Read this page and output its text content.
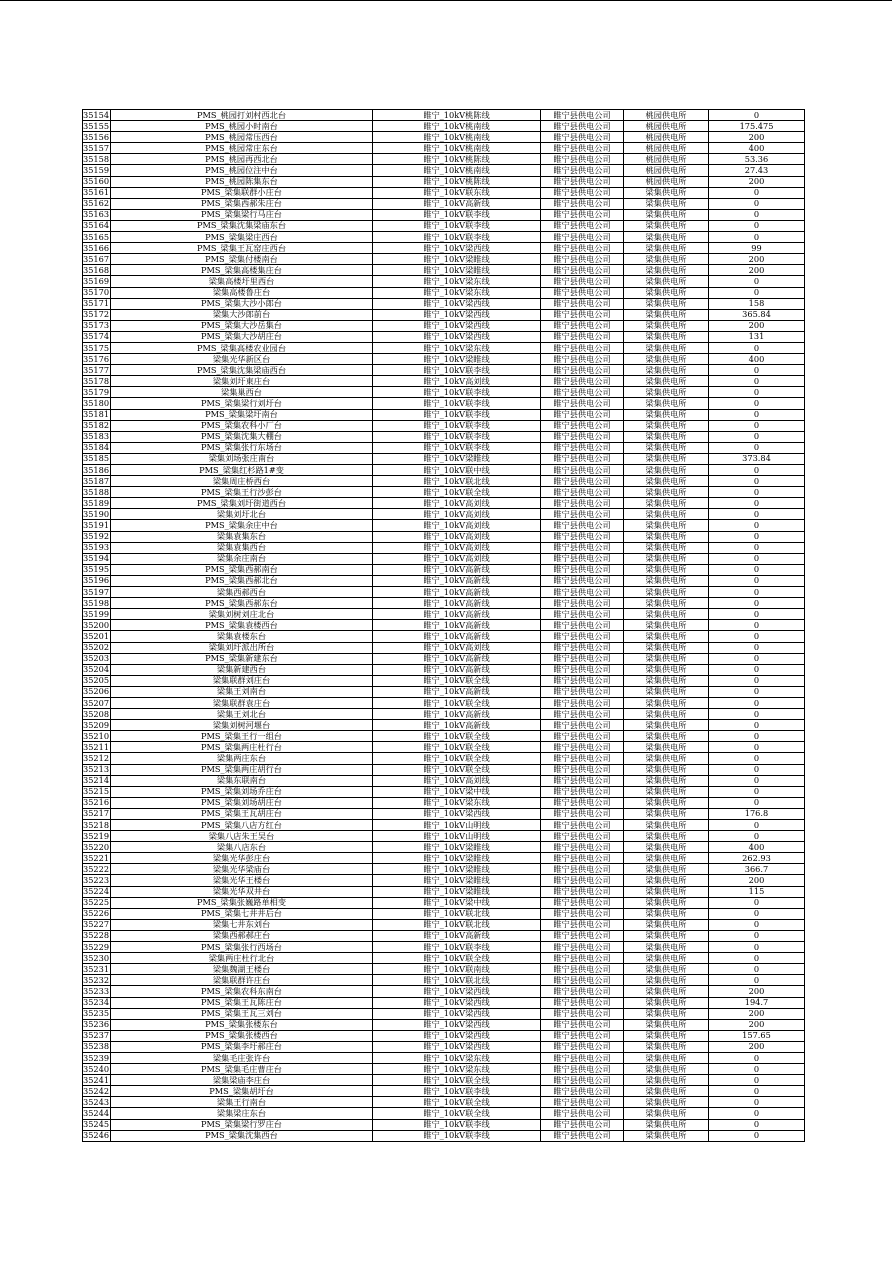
35154	PMS_桃园打刘村西北台	睢宁_10kV桃陈线	睢宁县供电公司	桃园供电所	0
35155	PMS_桃园小时南台	睢宁_10kV桃南线	睢宁县供电公司	桃园供电所	175.475
35156	PMS_桃园常压西台	睢宁_10kV桃南线	睢宁县供电公司	桃园供电所	200
35157	PMS_桃园常庄东台	睢宁_10kV桃南线	睢宁县供电公司	桃园供电所	400
35158	PMS_桃园再西北台	睢宁_10kV桃陈线	睢宁县供电公司	桃园供电所	53.36
35159	PMS_桃园位注中台	睢宁_10kV桃南线	睢宁县供电公司	桃园供电所	27.43
35160	PMS_桃园陈集东台	睢宁_10kV桃陈线	睢宁县供电公司	桃园供电所	200
35161	PMS_梁集联群小庄台	睢宁_10kV联东线	睢宁县供电公司	梁集供电所	0
35162	PMS_梁集西郝朱庄台	睢宁_10kV高新线	睢宁县供电公司	梁集供电所	0
35163	PMS_梁集梁行马庄台	睢宁_10kV联李线	睢宁县供电公司	梁集供电所	0
35164	PMS_梁集沈集梁庙东台	睢宁_10kV联李线	睢宁县供电公司	梁集供电所	0
35165	PMS_梁集梁庄西台	睢宁_10kV联李线	睢宁县供电公司	梁集供电所	0
35166	PMS_梁集王瓦窑庄西台	睢宁_10kV梁西线	睢宁县供电公司	梁集供电所	99
35167	PMS_梁集付楼南台	睢宁_10kV梁睢线	睢宁县供电公司	梁集供电所	200
35168	PMS_梁集高楼集庄台	睢宁_10kV梁睢线	睢宁县供电公司	梁集供电所	200
35169	梁集高楼圩里西台	睢宁_10kV梁东线	睢宁县供电公司	梁集供电所	0
35170	梁集高楼鲁庄台	睢宁_10kV梁东线	睢宁县供电公司	梁集供电所	0
35171	PMS_梁集大沙小郎台	睢宁_10kV梁西线	睢宁县供电公司	梁集供电所	158
35172	梁集大沙郎前台	睢宁_10kV梁西线	睢宁县供电公司	梁集供电所	365.84
35173	PMS_梁集大沙岳集台	睢宁_10kV梁西线	睢宁县供电公司	梁集供电所	200
35174	PMS_梁集大沙胡庄台	睢宁_10kV梁西线	睢宁县供电公司	梁集供电所	131
35175	PMS_梁集高楼农业园台	睢宁_10kV梁东线	睢宁县供电公司	梁集供电所	0
35176	梁集光华新区台	睢宁_10kV梁睢线	睢宁县供电公司	梁集供电所	400
35177	PMS_梁集沈集梁庙西台	睢宁_10kV联李线	睢宁县供电公司	梁集供电所	0
35178	梁集刘圩東庄台	睢宁_10kV高刘线	睢宁县供电公司	梁集供电所	0
35179	梁集巢西台	睢宁_10kV联李线	睢宁县供电公司	梁集供电所	0
35180	PMS_梁集梁行刘圩台	睢宁_10kV联李线	睢宁县供电公司	梁集供电所	0
35181	PMS_梁集梁圩南台	睢宁_10kV联李线	睢宁县供电公司	梁集供电所	0
35182	PMS_梁集农科小厂台	睢宁_10kV联李线	睢宁县供电公司	梁集供电所	0
35183	PMS_梁集沈集大棚台	睢宁_10kV联李线	睢宁县供电公司	梁集供电所	0
35184	PMS_梁集张行东场台	睢宁_10kV联李线	睢宁县供电公司	梁集供电所	0
35185	梁集刘场张庄南台	睢宁_10kV梁睢线	睢宁县供电公司	梁集供电所	373.84
35186	PMS_梁集红杉路1#变	睢宁_10kV联中线	睢宁县供电公司	梁集供电所	0
35187	梁集周庄桥西台	睢宁_10kV联北线	睢宁县供电公司	梁集供电所	0
35188	PMS_梁集王行沙彭台	睢宁_10kV联全线	睢宁县供电公司	梁集供电所	0
35189	PMS_梁集刘圩街道西台	睢宁_10kV高刘线	睢宁县供电公司	梁集供电所	0
35190	梁集刘圩北台	睢宁_10kV高刘线	睢宁县供电公司	梁集供电所	0
35191	PMS_梁集余庄中台	睢宁_10kV高刘线	睢宁县供电公司	梁集供电所	0
35192	梁集袁集东台	睢宁_10kV高刘线	睢宁县供电公司	梁集供电所	0
35193	梁集袁集西台	睢宁_10kV高刘线	睢宁县供电公司	梁集供电所	0
35194	梁集余庄南台	睢宁_10kV高刘线	睢宁县供电公司	梁集供电所	0
35195	PMS_梁集西郝南台	睢宁_10kV高新线	睢宁县供电公司	梁集供电所	0
35196	PMS_梁集西郝北台	睢宁_10kV高新线	睢宁县供电公司	梁集供电所	0
35197	梁集西郝西台	睢宁_10kV高新线	睢宁县供电公司	梁集供电所	0
35198	PMS_梁集西郝东台	睢宁_10kV高新线	睢宁县供电公司	梁集供电所	0
35199	梁集刘树刘庄北台	睢宁_10kV高新线	睢宁县供电公司	梁集供电所	0
35200	PMS_梁集袁楼西台	睢宁_10kV高新线	睢宁县供电公司	梁集供电所	0
35201	梁集袁楼东台	睢宁_10kV高新线	睢宁县供电公司	梁集供电所	0
35202	梁集刘圩派出所台	睢宁_10kV高刘线	睢宁县供电公司	梁集供电所	0
35203	PMS_梁集新建东台	睢宁_10kV高新线	睢宁县供电公司	梁集供电所	0
35204	梁集新建西台	睢宁_10kV高新线	睢宁县供电公司	梁集供电所	0
35205	梁集联群刘庄台	睢宁_10kV联全线	睢宁县供电公司	梁集供电所	0
35206	梁集王刘南台	睢宁_10kV高新线	睢宁县供电公司	梁集供电所	0
35207	梁集联群袁庄台	睢宁_10kV联全线	睢宁县供电公司	梁集供电所	0
35208	梁集王刘北台	睢宁_10kV高新线	睢宁县供电公司	梁集供电所	0
35209	梁集刘树河堰台	睢宁_10kV高新线	睢宁县供电公司	梁集供电所	0
35210	PMS_梁集王行一组台	睢宁_10kV联全线	睢宁县供电公司	梁集供电所	0
35211	PMS_梁集两庄杜行台	睢宁_10kV联全线	睢宁县供电公司	梁集供电所	0
35212	梁集两庄东台	睢宁_10kV联全线	睢宁县供电公司	梁集供电所	0
35213	PMS_梁集两庄胡行台	睢宁_10kV联全线	睢宁县供电公司	梁集供电所	0
35214	梁集东联南台	睢宁_10kV高刘线	睢宁县供电公司	梁集供电所	0
35215	PMS_梁集刘场乔庄台	睢宁_10kV梁中线	睢宁县供电公司	梁集供电所	0
35216	PMS_梁集刘场胡庄台	睢宁_10kV梁东线	睢宁县供电公司	梁集供电所	0
35217	PMS_梁集王瓦胡庄台	睢宁_10kV梁西线	睢宁县供电公司	梁集供电所	176.8
35218	PMS_梁集八店方红台	睢宁_10kV山明线	睢宁县供电公司	梁集供电所	0
35219	梁集八店朱王吴台	睢宁_10kV山明线	睢宁县供电公司	梁集供电所	0
35220	梁集八店东台	睢宁_10kV梁睢线	睢宁县供电公司	梁集供电所	400
35221	梁集光华彭庄台	睢宁_10kV梁睢线	睢宁县供电公司	梁集供电所	262.93
35222	梁集光华梁庙台	睢宁_10kV梁睢线	睢宁县供电公司	梁集供电所	366.7
35223	梁集光华王楼台	睢宁_10kV梁睢线	睢宁县供电公司	梁集供电所	200
35224	梁集光华双井台	睢宁_10kV梁睢线	睢宁县供电公司	梁集供电所	115
35225	PMS_梁集张巍路单相变	睢宁_10kV梁中线	睢宁县供电公司	梁集供电所	0
35226	PMS_梁集七井井后台	睢宁_10kV联北线	睢宁县供电公司	梁集供电所	0
35227	梁集七井东刘台	睢宁_10kV联北线	睢宁县供电公司	梁集供电所	0
35228	梁集西郝郝庄台	睢宁_10kV高新线	睢宁县供电公司	梁集供电所	0
35229	PMS_梁集张行西场台	睢宁_10kV联李线	睢宁县供电公司	梁集供电所	0
35230	梁集两庄杜行北台	睢宁_10kV联全线	睢宁县供电公司	梁集供电所	0
35231	梁集魏湖王楼台	睢宁_10kV联南线	睢宁县供电公司	梁集供电所	0
35232	梁集联群许庄台	睢宁_10kV联北线	睢宁县供电公司	梁集供电所	0
35233	PMS_梁集农科东南台	睢宁_10kV梁西线	睢宁县供电公司	梁集供电所	200
35234	PMS_梁集王瓦陈庄台	睢宁_10kV梁西线	睢宁县供电公司	梁集供电所	194.7
35235	PMS_梁集王瓦三刘台	睢宁_10kV梁西线	睢宁县供电公司	梁集供电所	200
35236	PMS_梁集张楼东台	睢宁_10kV梁西线	睢宁县供电公司	梁集供电所	200
35237	PMS_梁集张楼西台	睢宁_10kV梁西线	睢宁县供电公司	梁集供电所	157.65
35238	PMS_梁集李圩郝庄台	睢宁_10kV梁西线	睢宁县供电公司	梁集供电所	200
35239	梁集毛庄张许台	睢宁_10kV梁东线	睢宁县供电公司	梁集供电所	0
35240	PMS_梁集毛庄曹庄台	睢宁_10kV梁东线	睢宁县供电公司	梁集供电所	0
35241	梁集梁庙李庄台	睢宁_10kV联全线	睢宁县供电公司	梁集供电所	0
35242	PMS_梁集胡圩台	睢宁_10kV联李线	睢宁县供电公司	梁集供电所	0
35243	梁集王行南台	睢宁_10kV联全线	睢宁县供电公司	梁集供电所	0
35244	梁集梁庄东台	睢宁_10kV联全线	睢宁县供电公司	梁集供电所	0
35245	PMS_梁集梁行罗庄台	睢宁_10kV联李线	睢宁县供电公司	梁集供电所	0
35246	PMS_梁集沈集西台	睢宁_10kV联李线	睢宁县供电公司	梁集供电所	0
